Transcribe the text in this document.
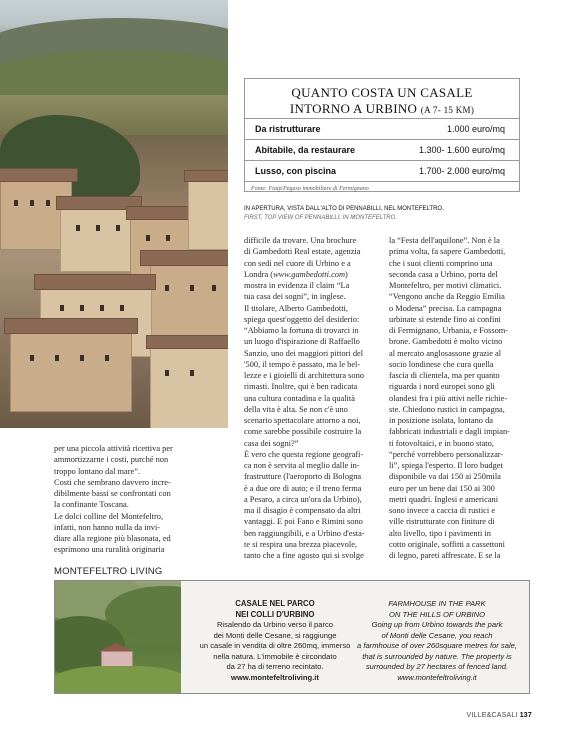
QUANTO COSTA UN CASALE
INTORNO A URBINO (A 7- 15 KM)
Da ristrutturare	1.000 euro/mq
Abitabile, da restaurare	1.300- 1.600 euro/mq
Lusso, con piscina	1.700- 2.000 euro/mq
Fonte: Fiaip/Pegaso immobiliare di Fermignano
IN APERTURA, VISTA DALL'ALTO DI PENNABILLI, NEL MONTEFELTRO.
FIRST, TOP VIEW OF PENNABILLI, IN MONTEFELTRO.

per una piccola attività ricettiva per

ammortizzarne i costi, purché non

troppo lontano dal mare”.

Costi che sembrano davvero incre-

dibilmente bassi se confrontati con

la confinante Toscana.

Le dolci colline del Montefeltro,

infatti, non hanno nulla da invi-

diare alla regione più blasonata, ed

esprimono una ruralità originaria

difficile da trovare. Una brochure

di Gambedotti Real estate, agenzia

con sedi nel cuore di Urbino e a

Londra (www.gambedotti.com)

mostra in evidenza il claim “La

tua casa dei sogni”, in inglese.

Il titolare, Alberto Gambedotti,

spiega quest'oggetto del desiderio:

“Abbiamo la fortuna di trovarci in

un luogo d'ispirazione di Raffaello

Sanzio, uno dei maggiori pittori del

'500, il tempo è passato, ma le bel-

lezze e i gioielli di architettura sono

rimasti. Inoltre, qui è ben radicata

una cultura contadina e la qualità

della vita è alta. Se non c'è uno

scenario spettacolare attorno a noi,

come sarebbe possibile costruire la

casa dei sogni?”

È vero che questa regione geografi-

ca non è servita al meglio dalle in-

frastrutture (l'aeroporto di Bologna

è a due ore di auto; e il treno ferma

a Pesaro, a circa un'ora da Urbino),

ma il disagio è compensato da altri

vantaggi. E poi Fano e Rimini sono

ben raggiungibili, e a Urbino d'esta-

te si respira una brezza piacevole,

tanto che a fine agosto qui si svolge

la “Festa dell'aquilone”. Non è la

prima volta, fa sapere Gambedotti,

che i suoi clienti comprino una

seconda casa a Urbino, porta del

Montefeltro, per motivi climatici.

“Vengono anche da Reggio Emilia

o Modena” precisa. La campagna

urbinate si estende fino ai confini

di Fermignano, Urbania, e Fossom-

brone. Gambedotti è molto vicino

al mercato anglosassone grazie al

socio londinese che cura quella

fascia di clientela, ma per quanto

riguarda i nord europei sono gli

olandesi fra i più attivi nelle richie-

ste. Chiedono rustici in campagna,

in posizione isolata, lontano da

fabbricati industriali e dagli impian-

ti fotovoltaici, e in buono stato,

“perché vorrebbero personalizzar-

li”, spiega l'esperto. Il loro budget

disponibile va dai 150 ai 250mila

euro per un bene dai 150 ai 300

metri quadri. Inglesi e americani

sono invece a caccia di rustici e

ville ristrutturate con finiture di

alto livello, tipo i pavimenti in

cotto originale, soffitti a cassettoni

di legno, pareti affrescate. E se la

MONTEFELTRO LIVING

CASALE NEL PARCO

NEI COLLI D'URBINO

Risalendo da Urbino verso il parco

dei Monti delle Cesane, si raggiunge

un casale in vendita di oltre 260mq, immerso

nella natura. L'immobile è circondato

da 27 ha di terreno recintato.

www.montefeltroliving.it

FARMHOUSE IN THE PARK

ON THE HILLS OF URBINO

Going up from Urbino towards the park

of Monti delle Cesane, you reach

a farmhouse of over 260square metres for sale,

that is surrounded by nature. The property is

surrounded by 27 hectares of fenced land.

www.montefeltroliving.it

VILLE&CASALI 137
